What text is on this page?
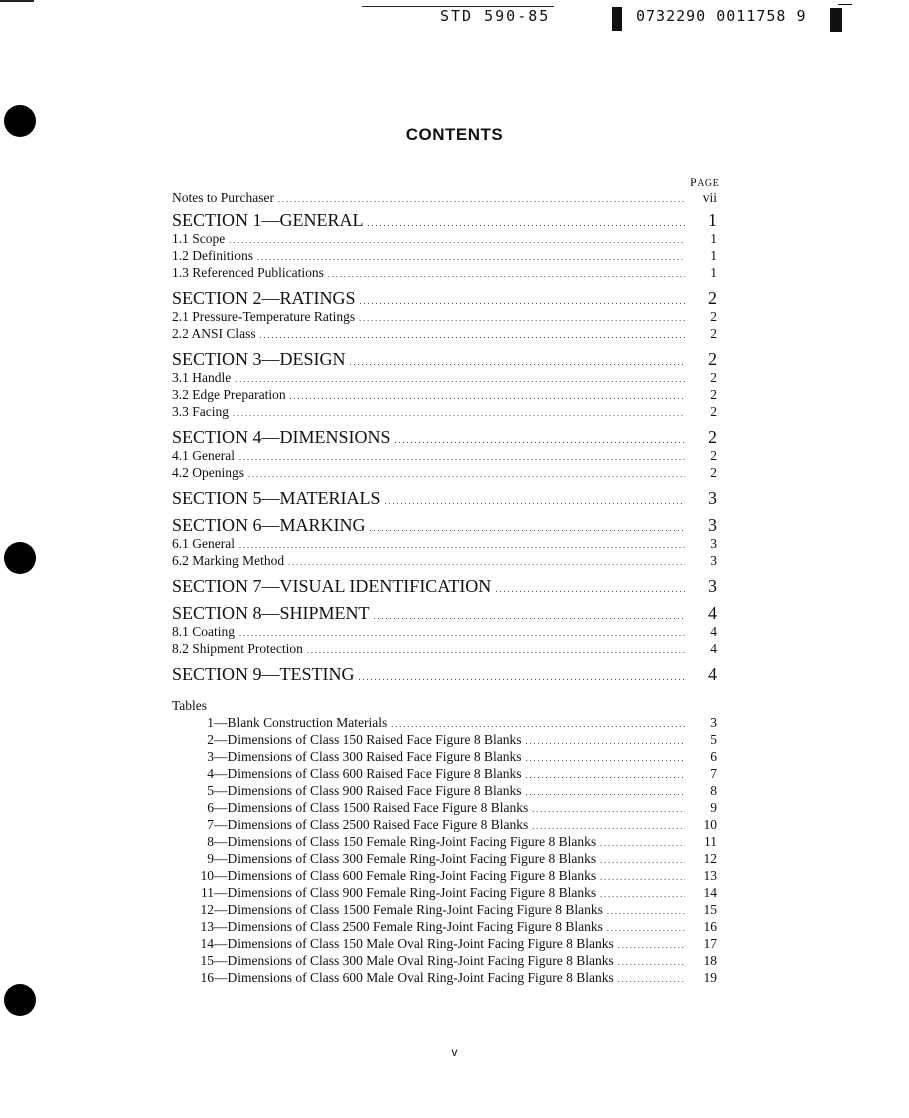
STD 590-85	0732290 0011758 9
CONTENTS
PAGE
Notes to Purchaser . . .	vii
SECTION 1—GENERAL . . .	1
1.1 Scope . . .	1
1.2 Definitions . . .	1
1.3 Referenced Publications . . .	1
SECTION 2—RATINGS . . .	2
2.1 Pressure-Temperature Ratings . . .	2
2.2 ANSI Class . . .	2
SECTION 3—DESIGN . . .	2
3.1 Handle . . .	2
3.2 Edge Preparation . . .	2
3.3 Facing . . .	2
SECTION 4—DIMENSIONS . . .	2
4.1 General . . .	2
4.2 Openings . . .	2
SECTION 5—MATERIALS . . .	3
SECTION 6—MARKING . . .	3
6.1 General . . .	3
6.2 Marking Method . . .	3
SECTION 7—VISUAL IDENTIFICATION . . .	3
SECTION 8—SHIPMENT . . .	4
8.1 Coating . . .	4
8.2 Shipment Protection . . .	4
SECTION 9—TESTING . . .	4
Tables
1—Blank Construction Materials . . .	3
2—Dimensions of Class 150 Raised Face Figure 8 Blanks . . .	5
3—Dimensions of Class 300 Raised Face Figure 8 Blanks . . .	6
4—Dimensions of Class 600 Raised Face Figure 8 Blanks . . .	7
5—Dimensions of Class 900 Raised Face Figure 8 Blanks . . .	8
6—Dimensions of Class 1500 Raised Face Figure 8 Blanks . . .	9
7—Dimensions of Class 2500 Raised Face Figure 8 Blanks . . .	10
8—Dimensions of Class 150 Female Ring-Joint Facing Figure 8 Blanks . . .	11
9—Dimensions of Class 300 Female Ring-Joint Facing Figure 8 Blanks . . .	12
10—Dimensions of Class 600 Female Ring-Joint Facing Figure 8 Blanks . . .	13
11—Dimensions of Class 900 Female Ring-Joint Facing Figure 8 Blanks . . .	14
12—Dimensions of Class 1500 Female Ring-Joint Facing Figure 8 Blanks . . .	15
13—Dimensions of Class 2500 Female Ring-Joint Facing Figure 8 Blanks . . .	16
14—Dimensions of Class 150 Male Oval Ring-Joint Facing Figure 8 Blanks . . .	17
15—Dimensions of Class 300 Male Oval Ring-Joint Facing Figure 8 Blanks . . .	18
16—Dimensions of Class 600 Male Oval Ring-Joint Facing Figure 8 Blanks . . .	19
v
